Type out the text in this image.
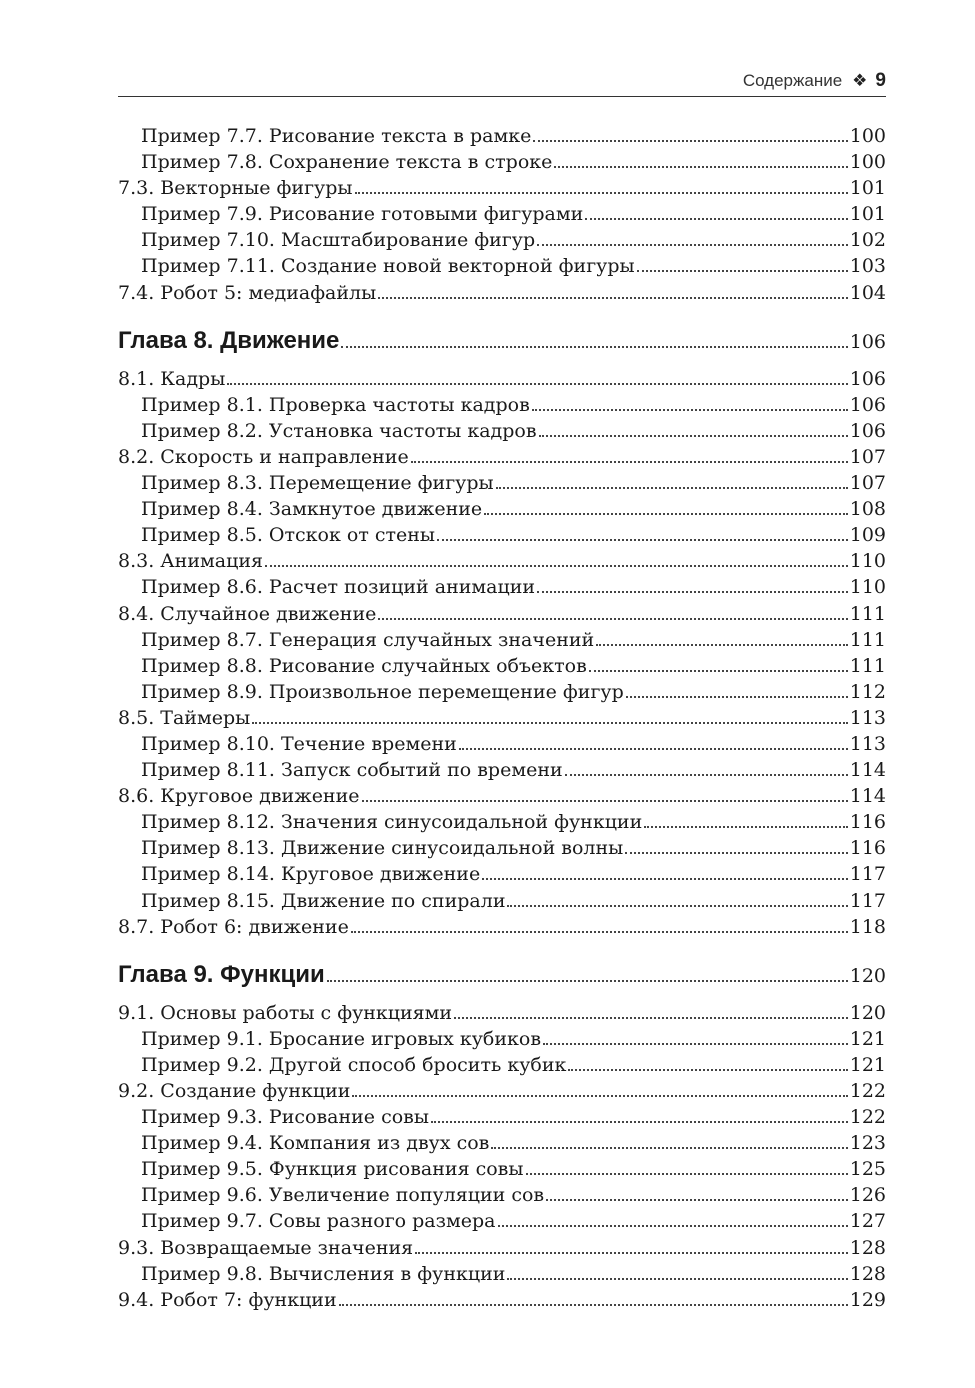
Содержание ❖ 9
Пример 7.7. Рисование текста в рамке	100
Пример 7.8. Сохранение текста в строке	100
7.3. Векторные фигуры	101
Пример 7.9. Рисование готовыми фигурами	101
Пример 7.10. Масштабирование фигур	102
Пример 7.11. Создание новой векторной фигуры	103
7.4. Робот 5: медиафайлы	104
Глава 8. Движение	106
8.1. Кадры	106
Пример 8.1. Проверка частоты кадров	106
Пример 8.2. Установка частоты кадров	106
8.2. Скорость и направление	107
Пример 8.3. Перемещение фигуры	107
Пример 8.4. Замкнутое движение	108
Пример 8.5. Отскок от стены	109
8.3. Анимация	110
Пример 8.6. Расчет позиций анимации	110
8.4. Случайное движение	111
Пример 8.7. Генерация случайных значений	111
Пример 8.8. Рисование случайных объектов	111
Пример 8.9. Произвольное перемещение фигур	112
8.5. Таймеры	113
Пример 8.10. Течение времени	113
Пример 8.11. Запуск событий по времени	114
8.6. Круговое движение	114
Пример 8.12. Значения синусоидальной функции	116
Пример 8.13. Движение синусоидальной волны	116
Пример 8.14. Круговое движение	117
Пример 8.15. Движение по спирали	117
8.7. Робот 6: движение	118
Глава 9. Функции	120
9.1. Основы работы с функциями	120
Пример 9.1. Бросание игровых кубиков	121
Пример 9.2. Другой способ бросить кубик	121
9.2. Создание функции	122
Пример 9.3. Рисование совы	122
Пример 9.4. Компания из двух сов	123
Пример 9.5. Функция рисования совы	125
Пример 9.6. Увеличение популяции сов	126
Пример 9.7. Совы разного размера	127
9.3. Возвращаемые значения	128
Пример 9.8. Вычисления в функции	128
9.4. Робот 7: функции	129
